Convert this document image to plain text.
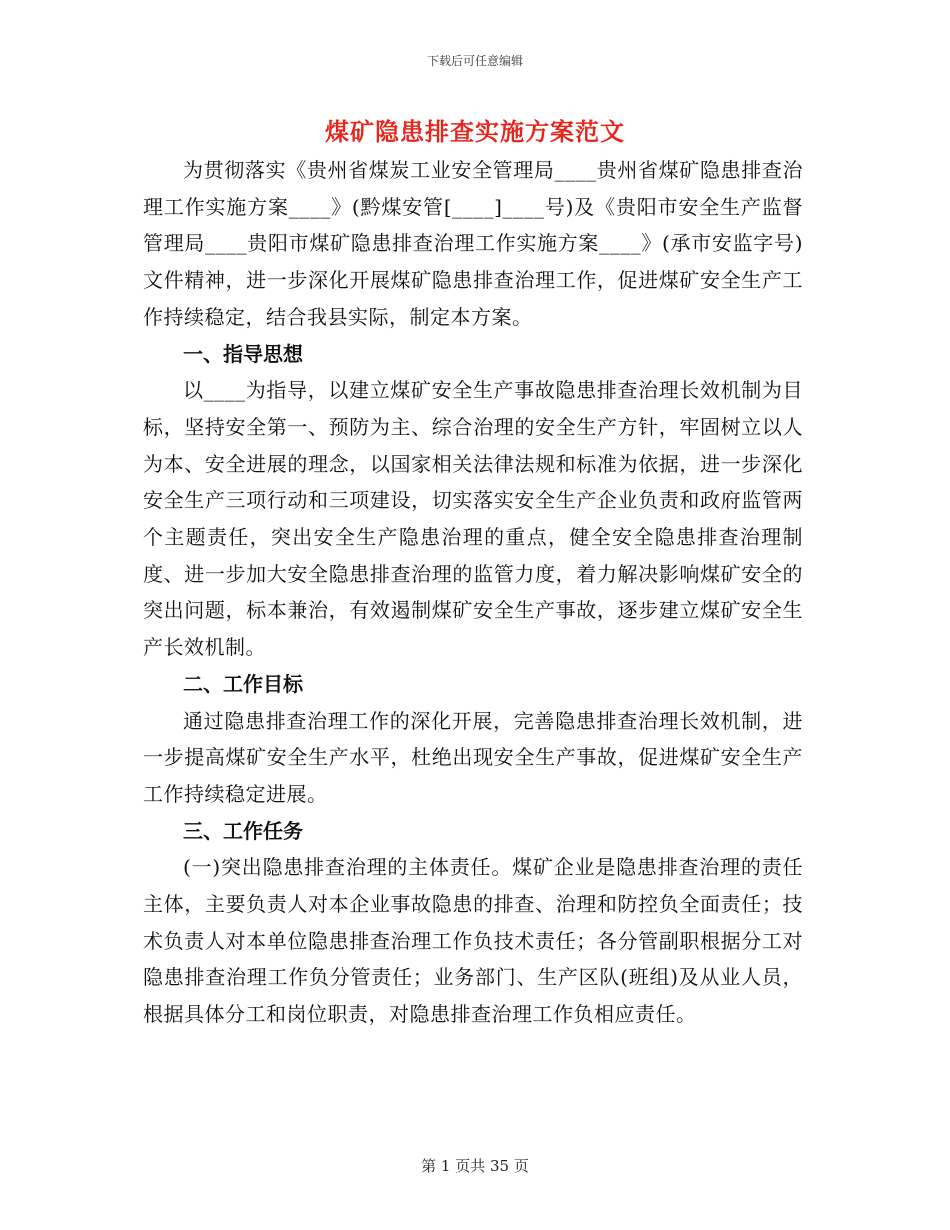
下载后可任意编辑
煤矿隐患排查实施方案范文

为贯彻落实《贵州省煤炭工业安全管理局____贵州省煤矿隐患排查治理工作实施方案____》(黔煤安管[____]____号)及《贵阳市安全生产监督管理局____贵阳市煤矿隐患排查治理工作实施方案____》(承市安监字号)文件精神，进一步深化开展煤矿隐患排查治理工作，促进煤矿安全生产工作持续稳定，结合我县实际，制定本方案。

一、指导思想

以____为指导，以建立煤矿安全生产事故隐患排查治理长效机制为目标，坚持安全第一、预防为主、综合治理的安全生产方针，牢固树立以人为本、安全进展的理念，以国家相关法律法规和标准为依据，进一步深化安全生产三项行动和三项建设，切实落实安全生产企业负责和政府监管两个主题责任，突出安全生产隐患治理的重点，健全安全隐患排查治理制度、进一步加大安全隐患排查治理的监管力度，着力解决影响煤矿安全的突出问题，标本兼治，有效遏制煤矿安全生产事故，逐步建立煤矿安全生产长效机制。

二、工作目标

通过隐患排查治理工作的深化开展，完善隐患排查治理长效机制，进一步提高煤矿安全生产水平，杜绝出现安全生产事故，促进煤矿安全生产工作持续稳定进展。

三、工作任务

(一)突出隐患排查治理的主体责任。煤矿企业是隐患排查治理的责任主体，主要负责人对本企业事故隐患的排查、治理和防控负全面责任；技术负责人对本单位隐患排查治理工作负技术责任；各分管副职根据分工对隐患排查治理工作负分管责任；业务部门、生产区队(班组)及从业人员，根据具体分工和岗位职责，对隐患排查治理工作负相应责任。

第 1 页共 35 页
